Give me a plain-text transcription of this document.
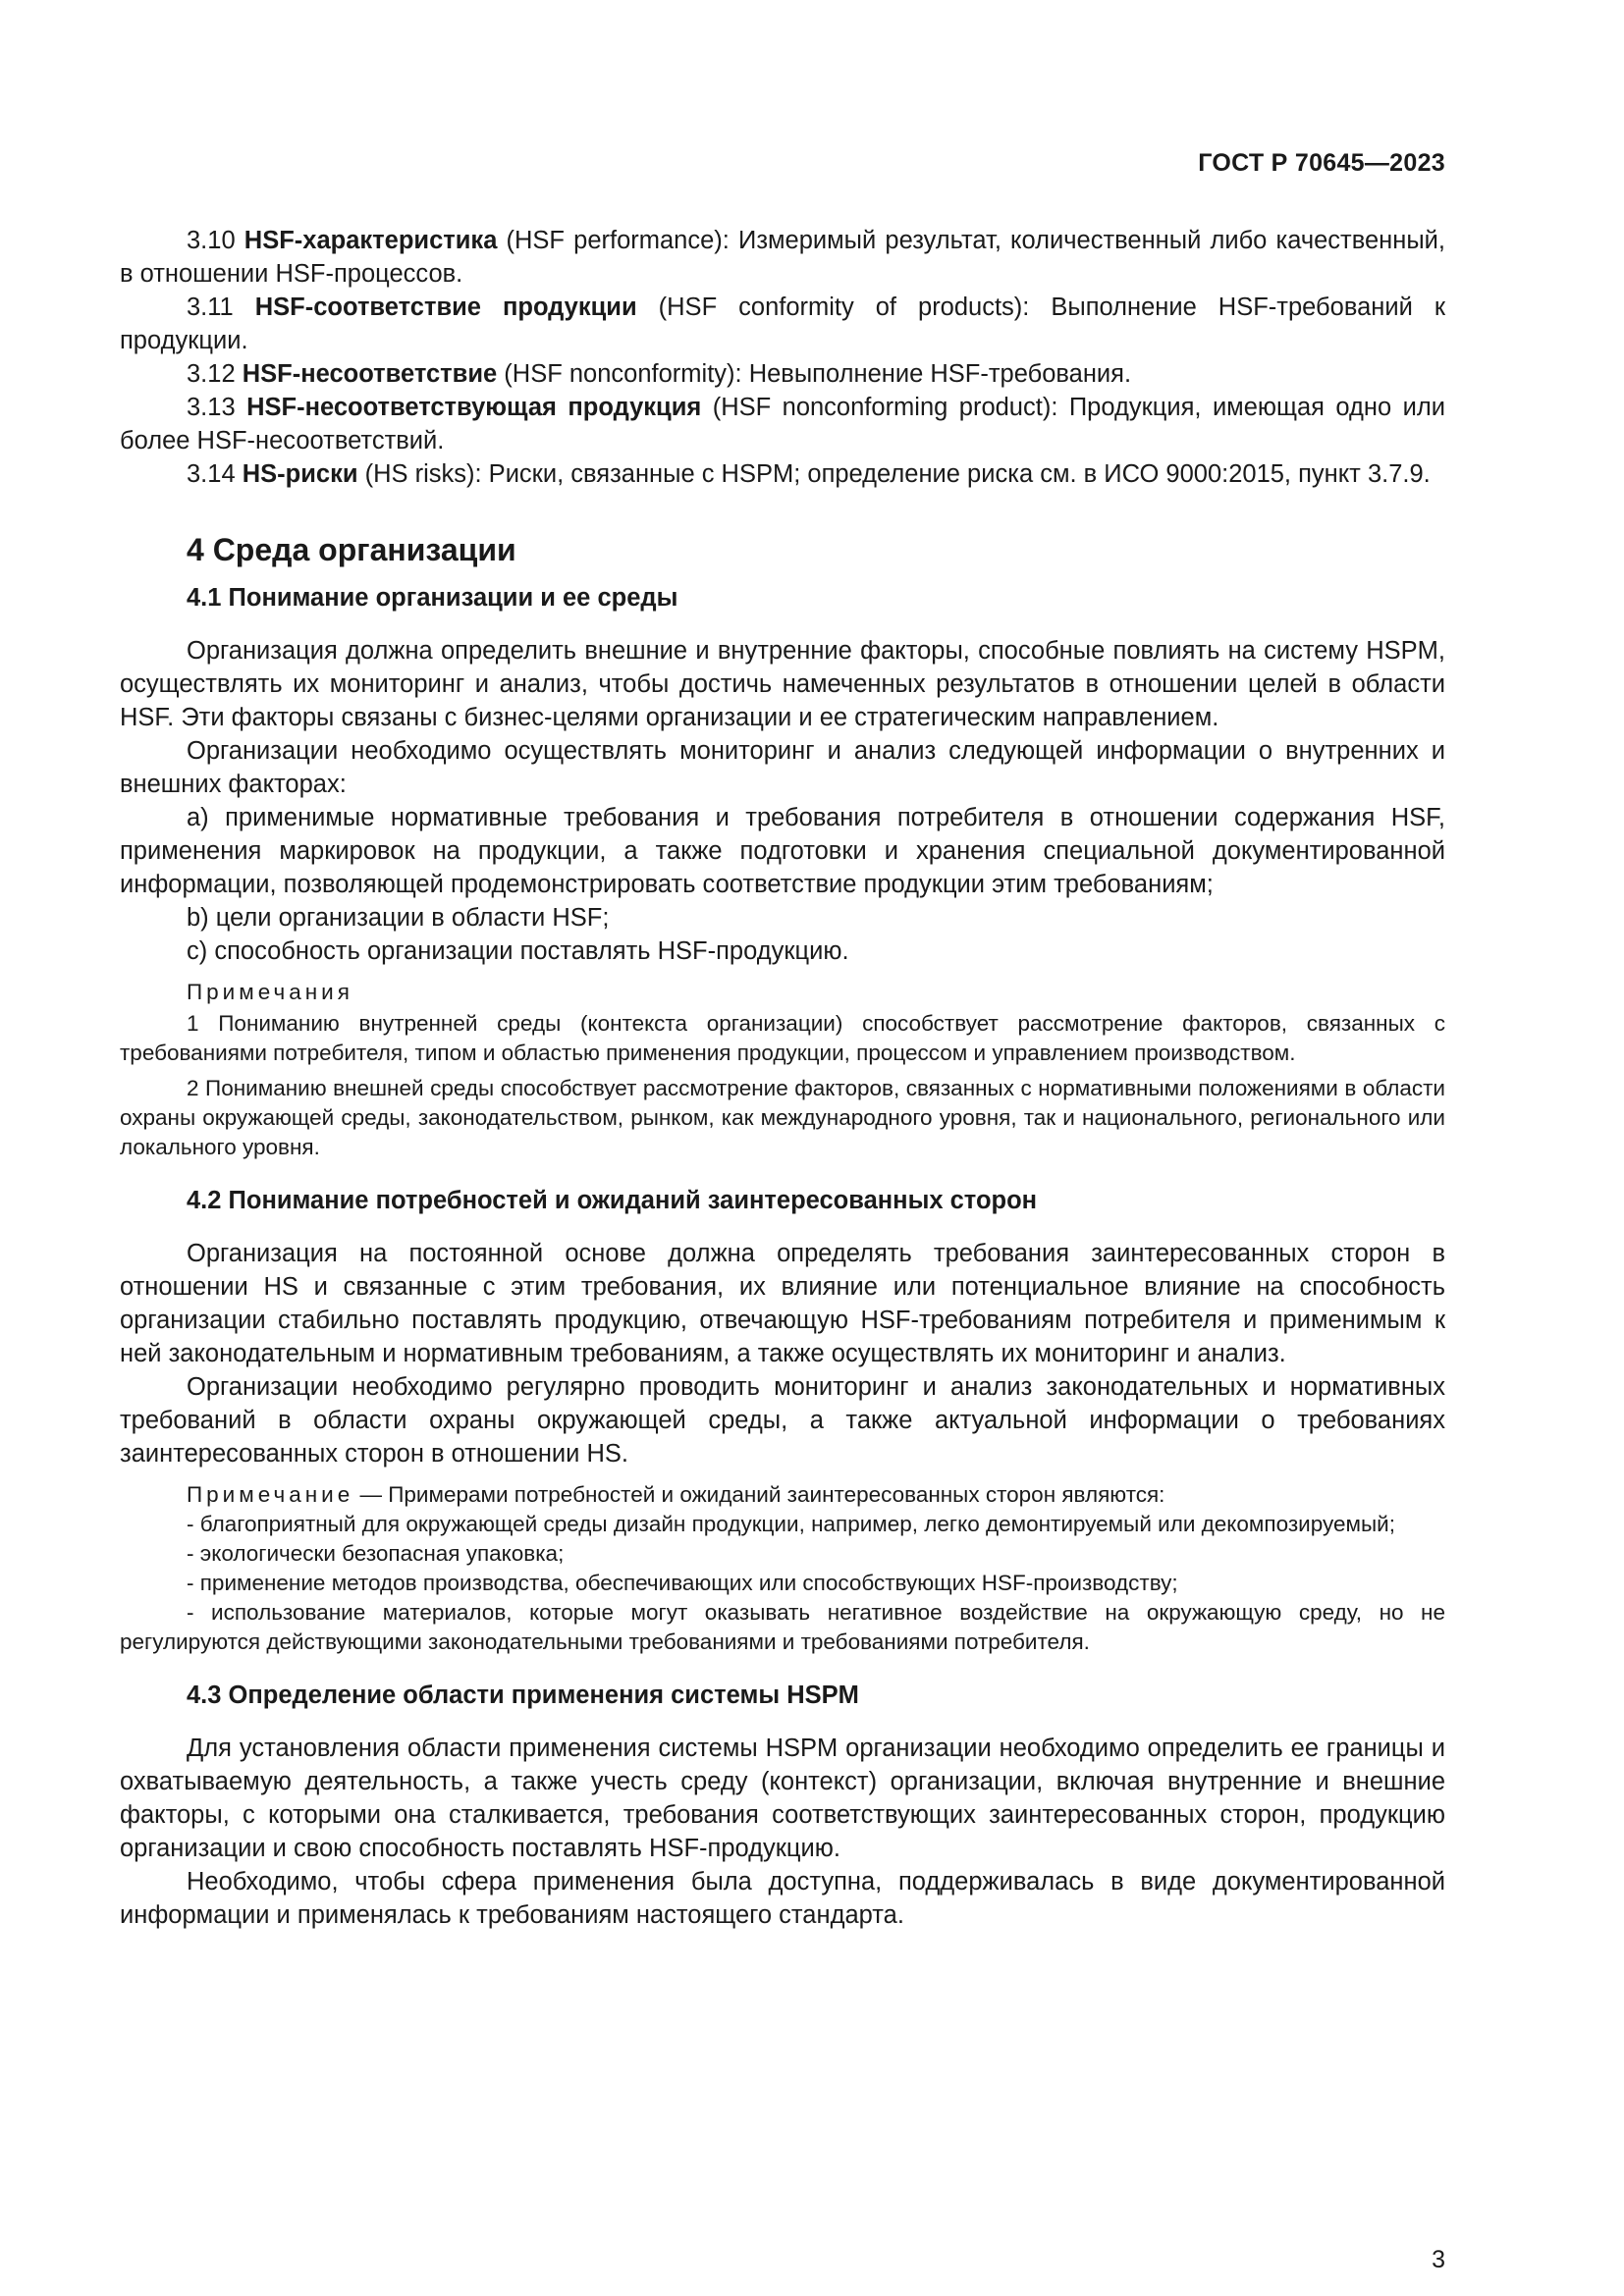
ГОСТ Р 70645—2023

3.10 HSF-характеристика (HSF performance): Измеримый результат, количественный либо качественный, в отношении HSF-процессов.

3.11 HSF-соответствие продукции (HSF conformity of products): Выполнение HSF-требований к продукции.

3.12 HSF-несоответствие (HSF nonconformity): Невыполнение HSF-требования.

3.13 HSF-несоответствующая продукция (HSF nonconforming product): Продукция, имеющая одно или более HSF-несоответствий.

3.14 HS-риски (HS risks): Риски, связанные с HSPM; определение риска см. в ИСО 9000:2015, пункт 3.7.9.

4 Среда организации
4.1 Понимание организации и ее среды

Организация должна определить внешние и внутренние факторы, способные повлиять на систему HSPM, осуществлять их мониторинг и анализ, чтобы достичь намеченных результатов в отношении целей в области HSF. Эти факторы связаны с бизнес-целями организации и ее стратегическим направлением.

Организации необходимо осуществлять мониторинг и анализ следующей информации о внутренних и внешних факторах:

a) применимые нормативные требования и требования потребителя в отношении содержания HSF, применения маркировок на продукции, а также подготовки и хранения специальной документированной информации, позволяющей продемонстрировать соответствие продукции этим требованиям;

b) цели организации в области HSF;

c) способность организации поставлять HSF-продукцию.

Примечания

1 Пониманию внутренней среды (контекста организации) способствует рассмотрение факторов, связанных с требованиями потребителя, типом и областью применения продукции, процессом и управлением производством.

2 Пониманию внешней среды способствует рассмотрение факторов, связанных с нормативными положениями в области охраны окружающей среды, законодательством, рынком, как международного уровня, так и национального, регионального или локального уровня.

4.2 Понимание потребностей и ожиданий заинтересованных сторон

Организация на постоянной основе должна определять требования заинтересованных сторон в отношении HS и связанные с этим требования, их влияние или потенциальное влияние на способность организации стабильно поставлять продукцию, отвечающую HSF-требованиям потребителя и применимым к ней законодательным и нормативным требованиям, а также осуществлять их мониторинг и анализ.

Организации необходимо регулярно проводить мониторинг и анализ законодательных и нормативных требований в области охраны окружающей среды, а также актуальной информации о требованиях заинтересованных сторон в отношении HS.

Примечание — Примерами потребностей и ожиданий заинтересованных сторон являются:

- благоприятный для окружающей среды дизайн продукции, например, легко демонтируемый или декомпозируемый;

- экологически безопасная упаковка;

- применение методов производства, обеспечивающих или способствующих HSF-производству;

- использование материалов, которые могут оказывать негативное воздействие на окружающую среду, но не регулируются действующими законодательными требованиями и требованиями потребителя.

4.3 Определение области применения системы HSPM

Для установления области применения системы HSPM организации необходимо определить ее границы и охватываемую деятельность, а также учесть среду (контекст) организации, включая внутренние и внешние факторы, с которыми она сталкивается, требования соответствующих заинтересованных сторон, продукцию организации и свою способность поставлять HSF-продукцию.

Необходимо, чтобы сфера применения была доступна, поддерживалась в виде документированной информации и применялась к требованиям настоящего стандарта.

3
